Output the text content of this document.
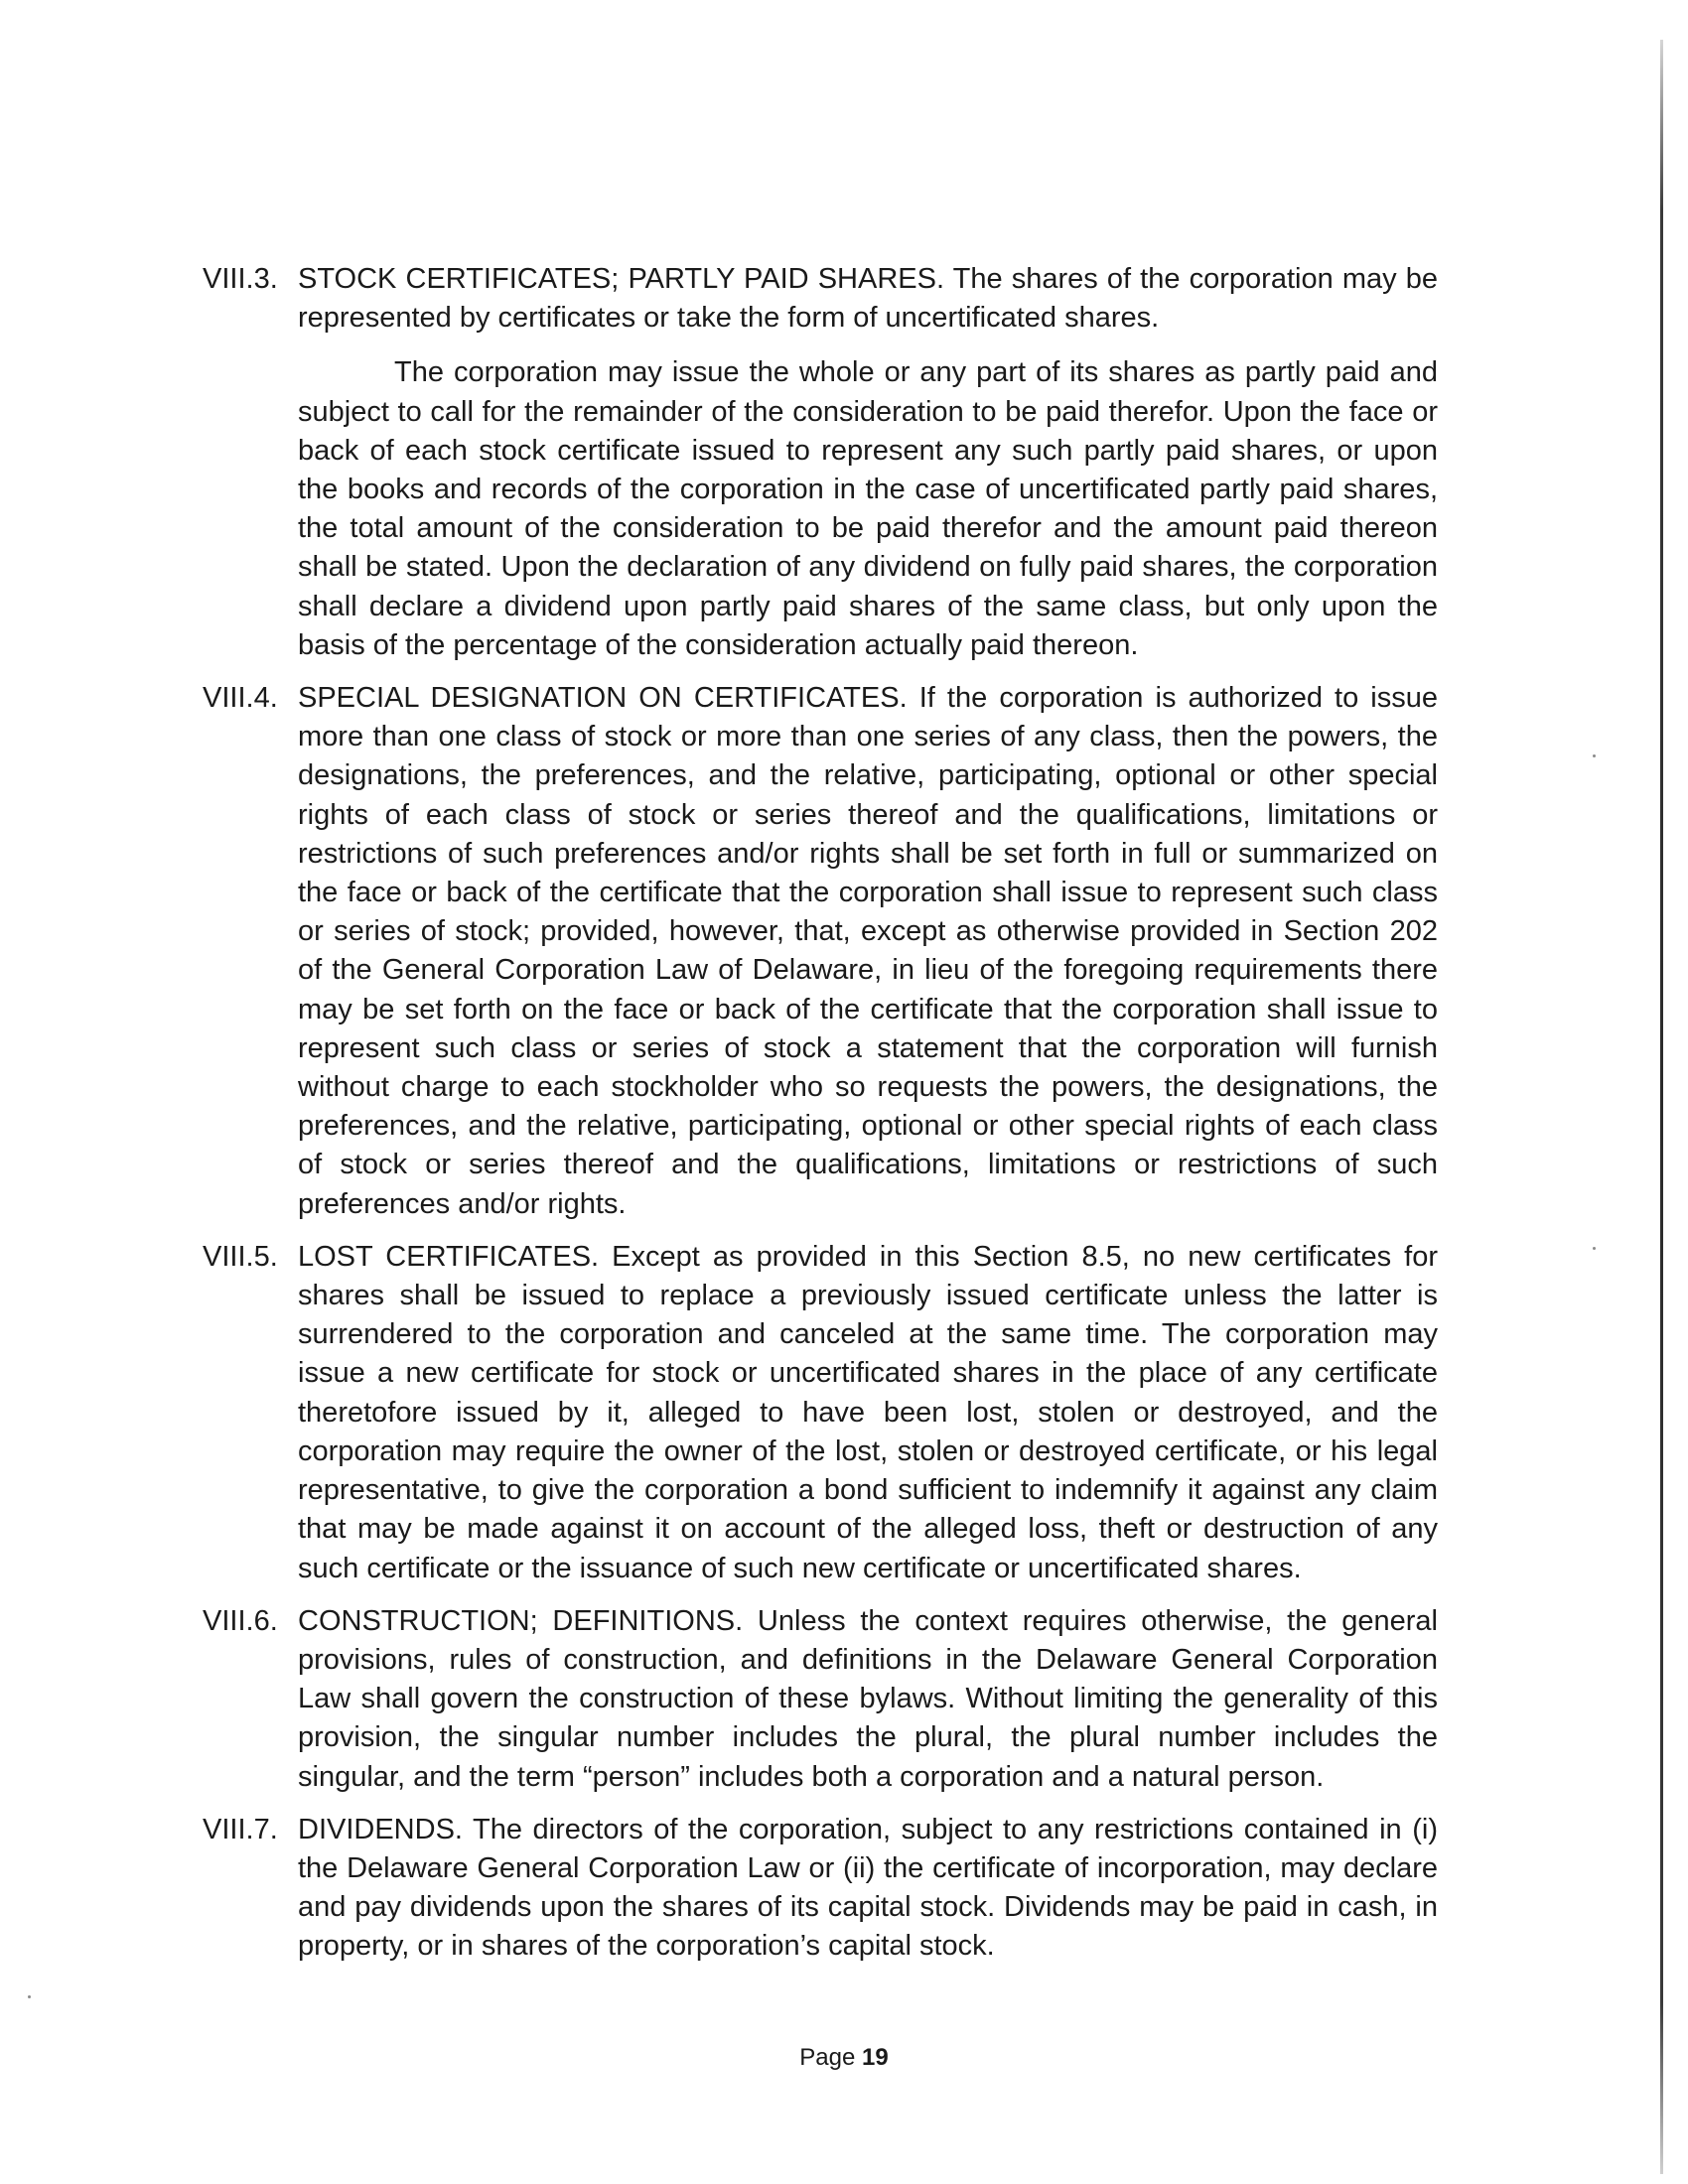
VIII.3. STOCK CERTIFICATES; PARTLY PAID SHARES. The shares of the corporation may be represented by certificates or take the form of uncertificated shares.

The corporation may issue the whole or any part of its shares as partly paid and subject to call for the remainder of the consideration to be paid therefor. Upon the face or back of each stock certificate issued to represent any such partly paid shares, or upon the books and records of the corporation in the case of uncertificated partly paid shares, the total amount of the consideration to be paid therefor and the amount paid thereon shall be stated. Upon the declaration of any dividend on fully paid shares, the corporation shall declare a dividend upon partly paid shares of the same class, but only upon the basis of the percentage of the consideration actually paid thereon.

VIII.4. SPECIAL DESIGNATION ON CERTIFICATES. If the corporation is authorized to issue more than one class of stock or more than one series of any class, then the powers, the designations, the preferences, and the relative, participating, optional or other special rights of each class of stock or series thereof and the qualifications, limitations or restrictions of such preferences and/or rights shall be set forth in full or summarized on the face or back of the certificate that the corporation shall issue to represent such class or series of stock; provided, however, that, except as otherwise provided in Section 202 of the General Corporation Law of Delaware, in lieu of the foregoing requirements there may be set forth on the face or back of the certificate that the corporation shall issue to represent such class or series of stock a statement that the corporation will furnish without charge to each stockholder who so requests the powers, the designations, the preferences, and the relative, participating, optional or other special rights of each class of stock or series thereof and the qualifications, limitations or restrictions of such preferences and/or rights.

VIII.5. LOST CERTIFICATES. Except as provided in this Section 8.5, no new certificates for shares shall be issued to replace a previously issued certificate unless the latter is surrendered to the corporation and canceled at the same time. The corporation may issue a new certificate for stock or uncertificated shares in the place of any certificate theretofore issued by it, alleged to have been lost, stolen or destroyed, and the corporation may require the owner of the lost, stolen or destroyed certificate, or his legal representative, to give the corporation a bond sufficient to indemnify it against any claim that may be made against it on account of the alleged loss, theft or destruction of any such certificate or the issuance of such new certificate or uncertificated shares.

VIII.6. CONSTRUCTION; DEFINITIONS. Unless the context requires otherwise, the general provisions, rules of construction, and definitions in the Delaware General Corporation Law shall govern the construction of these bylaws. Without limiting the generality of this provision, the singular number includes the plural, the plural number includes the singular, and the term “person” includes both a corporation and a natural person.

VIII.7. DIVIDENDS. The directors of the corporation, subject to any restrictions contained in (i) the Delaware General Corporation Law or (ii) the certificate of incorporation, may declare and pay dividends upon the shares of its capital stock. Dividends may be paid in cash, in property, or in shares of the corporation’s capital stock.

Page 19
